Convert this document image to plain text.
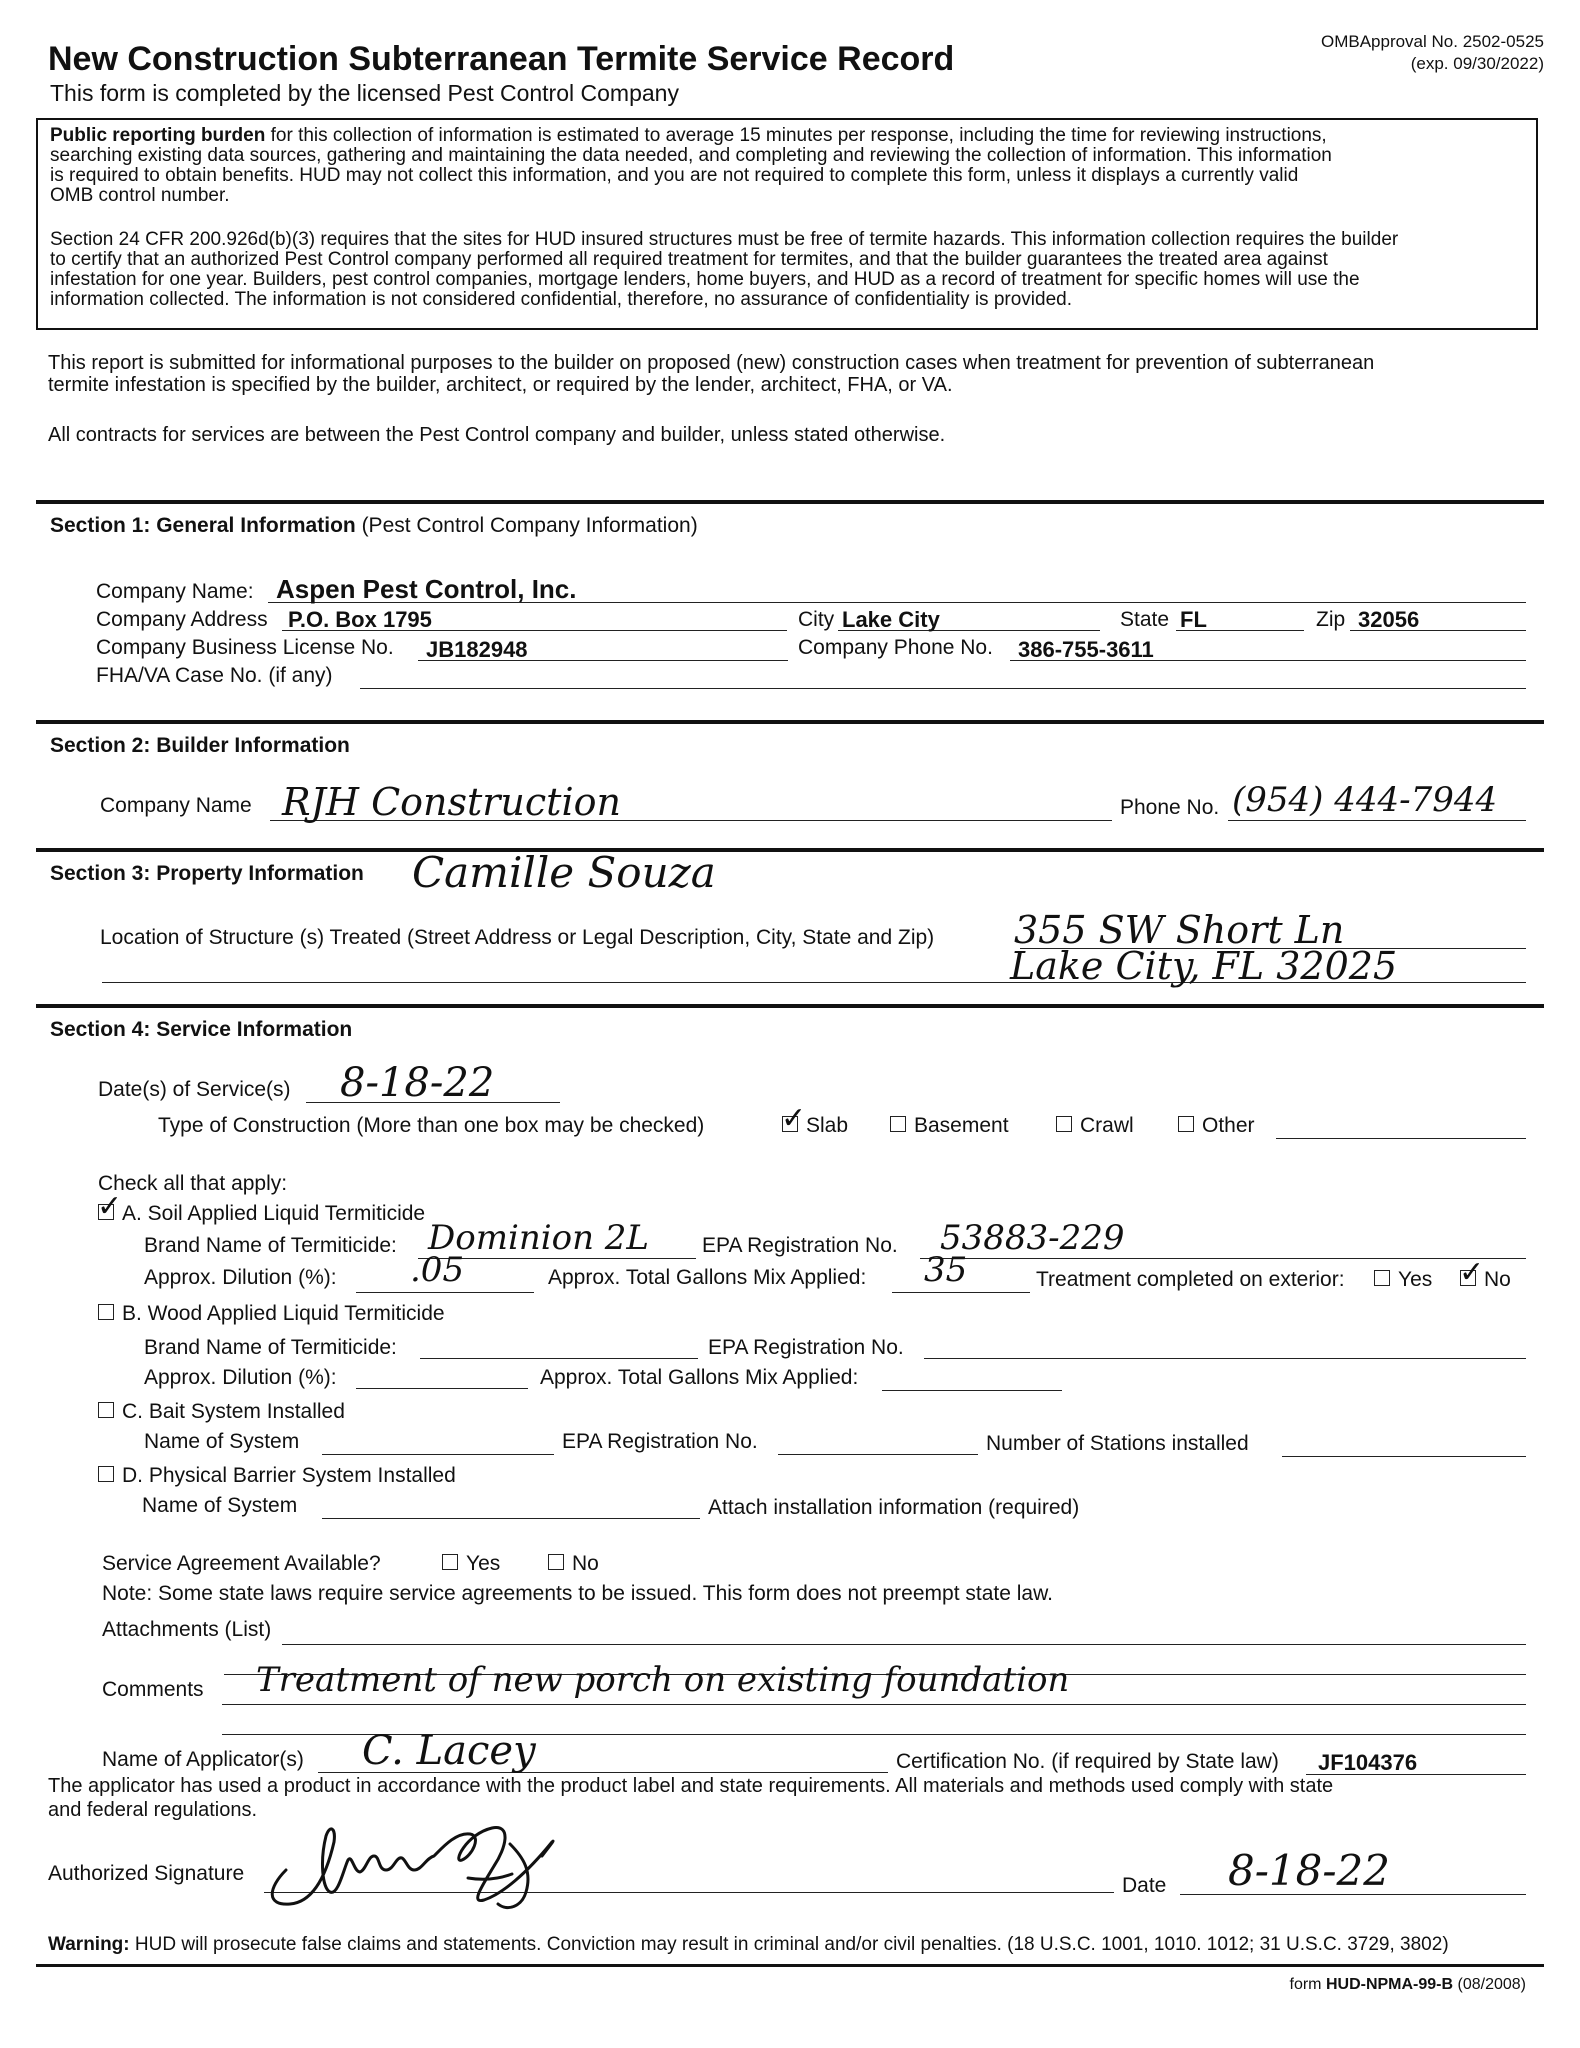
New Construction Subterranean Termite Service Record
This form is completed by the licensed Pest Control Company
OMBApproval No. 2502-0525
(exp. 09/30/2022)
Public reporting burden for this collection of information is estimated to average 15 minutes per response, including the time for reviewing instructions,
searching existing data sources, gathering and maintaining the data needed, and completing and reviewing the collection of information. This information
is required to obtain benefits. HUD may not collect this information, and you are not required to complete this form, unless it displays a currently valid
OMB control number.
Section 24 CFR 200.926d(b)(3) requires that the sites for HUD insured structures must be free of termite hazards. This information collection requires the builder
to certify that an authorized Pest Control company performed all required treatment for termites, and that the builder guarantees the treated area against
infestation for one year. Builders, pest control companies, mortgage lenders, home buyers, and HUD as a record of treatment for specific homes will use the
information collected. The information is not considered confidential, therefore, no assurance of confidentiality is provided.
This report is submitted for informational purposes to the builder on proposed (new) construction cases when treatment for prevention of subterranean
termite infestation is specified by the builder, architect, or required by the lender, architect, FHA, or VA.
All contracts for services are between the Pest Control company and builder, unless stated otherwise.
Section 1: General Information (Pest Control Company Information)
Company Name: Aspen Pest Control, Inc.
Company Address P.O. Box 1795	City Lake City	State FL	Zip 32056
Company Business License No. JB182948	Company Phone No. 386-755-3611
FHA/VA Case No. (if any)
Section 2: Builder Information
Company Name RJH Construction	Phone No. (954) 444-7944
Section 3: Property Information Camille Souza
Location of Structure (s) Treated (Street Address or Legal Description, City, State and Zip) 355 SW Short Ln
Lake City, FL 32025
Section 4: Service Information
Date(s) of Service(s) 8-18-22
Type of Construction (More than one box may be checked)	✓ Slab	Basement	Crawl	Other
Check all that apply:
✓ A. Soil Applied Liquid Termiticide
Brand Name of Termiticide: Dominion 2L	EPA Registration No. 53883-229
Approx. Dilution (%): .05	Approx. Total Gallons Mix Applied: 35	Treatment completed on exterior:	Yes ✓ No
B. Wood Applied Liquid Termiticide
Brand Name of Termiticide:	EPA Registration No.
Approx. Dilution (%):	Approx. Total Gallons Mix Applied:
C. Bait System Installed
Name of System	EPA Registration No.	Number of Stations installed
D. Physical Barrier System Installed
Name of System	Attach installation information (required)
Service Agreement Available?	Yes	No
Note: Some state laws require service agreements to be issued. This form does not preempt state law.
Attachments (List)
Comments Treatment of new porch on existing foundation
Name of Applicator(s) C. Lacey	Certification No. (if required by State law) JF104376
The applicator has used a product in accordance with the product label and state requirements. All materials and methods used comply with state
and federal regulations.
Authorized Signature
Date 8-18-22
Warning: HUD will prosecute false claims and statements. Conviction may result in criminal and/or civil penalties. (18 U.S.C. 1001, 1010. 1012; 31 U.S.C. 3729, 3802)
form HUD-NPMA-99-B (08/2008)
